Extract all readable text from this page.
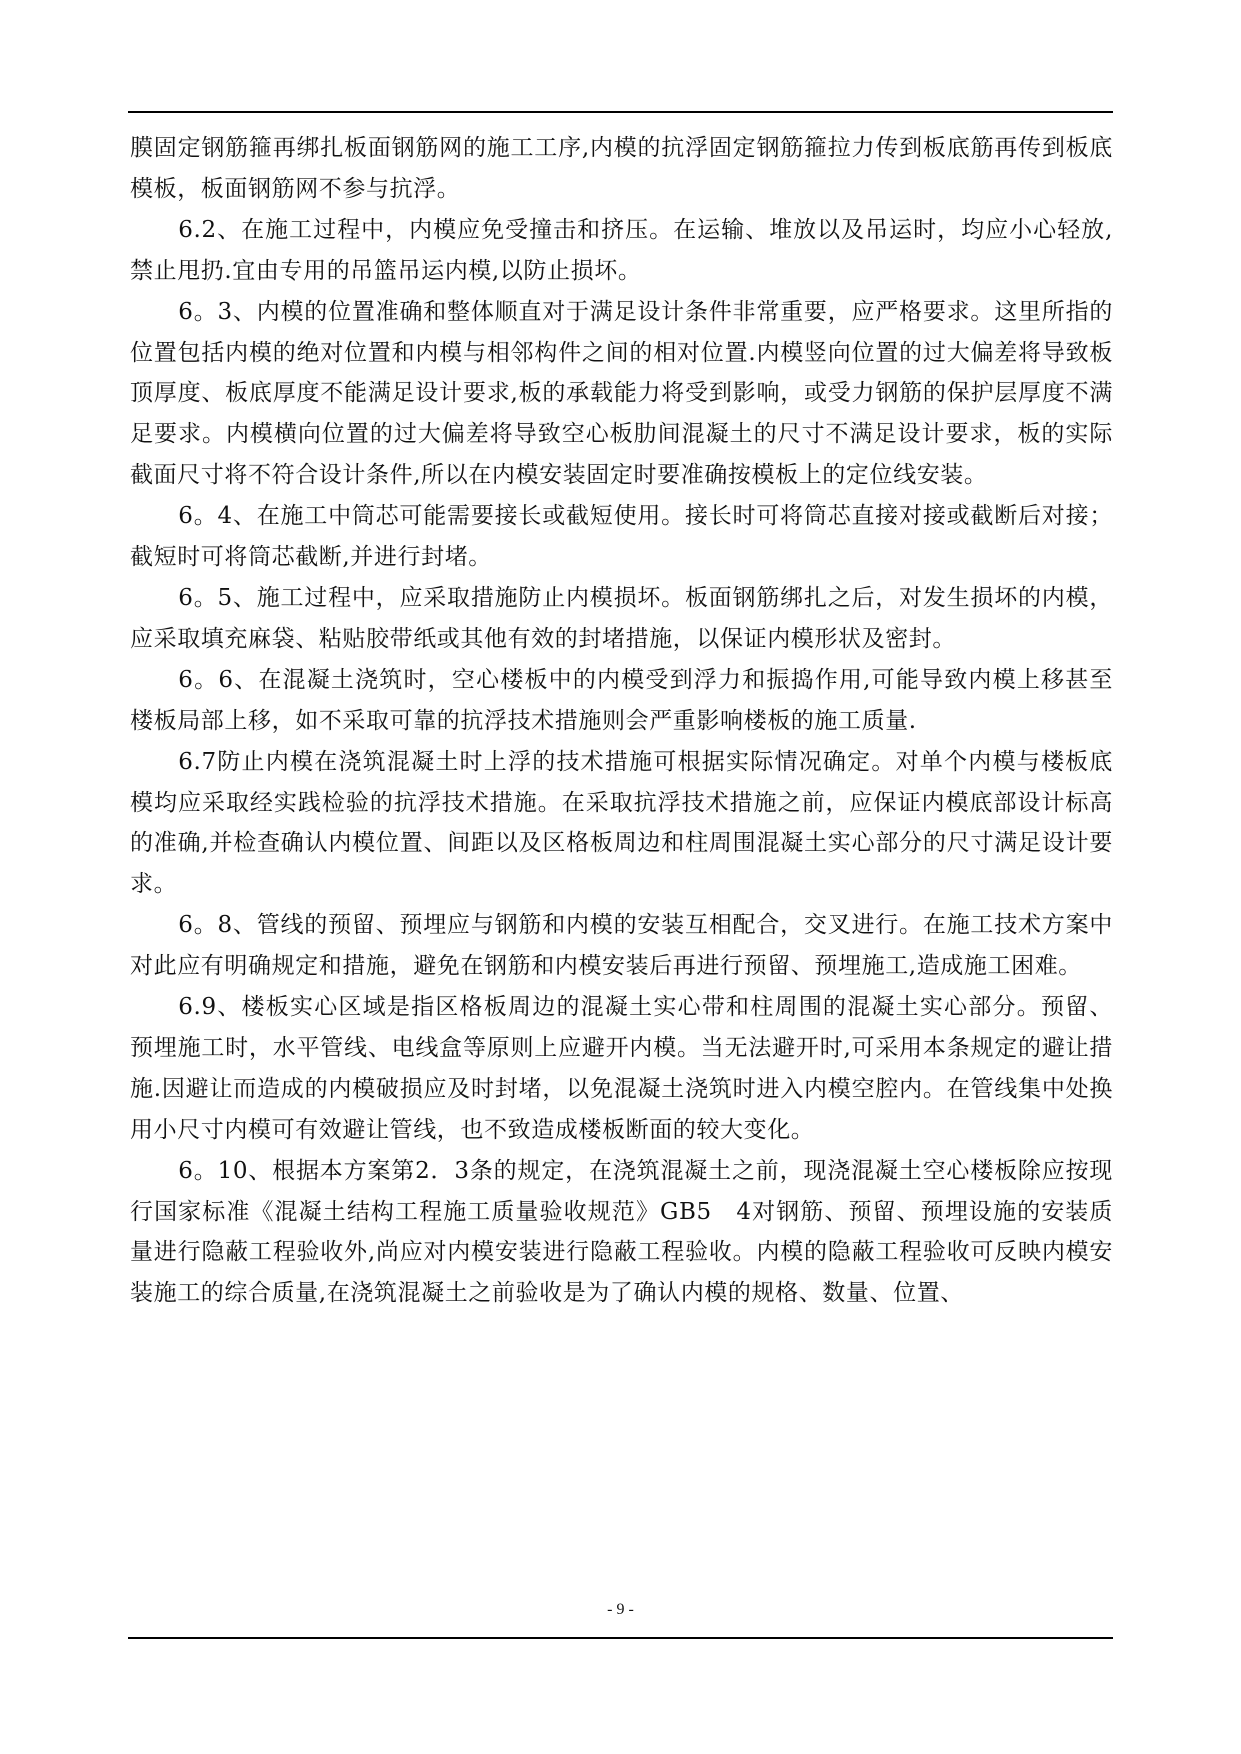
膜固定钢筋箍再绑扎板面钢筋网的施工工序,内模的抗浮固定钢筋箍拉力传到板底筋再传到板底模板，板面钢筋网不参与抗浮。

6.2、在施工过程中，内模应免受撞击和挤压。在运输、堆放以及吊运时，均应小心轻放,禁止甩扔.宜由专用的吊篮吊运内模,以防止损坏。

6。3、内模的位置准确和整体顺直对于满足设计条件非常重要，应严格要求。这里所指的位置包括内模的绝对位置和内模与相邻构件之间的相对位置.内模竖向位置的过大偏差将导致板顶厚度、板底厚度不能满足设计要求,板的承载能力将受到影响，或受力钢筋的保护层厚度不满足要求。内模横向位置的过大偏差将导致空心板肋间混凝土的尺寸不满足设计要求，板的实际截面尺寸将不符合设计条件,所以在内模安装固定时要准确按模板上的定位线安装。

6。4、在施工中筒芯可能需要接长或截短使用。接长时可将筒芯直接对接或截断后对接；截短时可将筒芯截断,并进行封堵。

6。5、施工过程中，应采取措施防止内模损坏。板面钢筋绑扎之后，对发生损坏的内模，应采取填充麻袋、粘贴胶带纸或其他有效的封堵措施，以保证内模形状及密封。

6。6、在混凝土浇筑时，空心楼板中的内模受到浮力和振捣作用,可能导致内模上移甚至楼板局部上移，如不采取可靠的抗浮技术措施则会严重影响楼板的施工质量.

6.7防止内模在浇筑混凝土时上浮的技术措施可根据实际情况确定。对单个内模与楼板底模均应采取经实践检验的抗浮技术措施。在采取抗浮技术措施之前，应保证内模底部设计标高的准确,并检查确认内模位置、间距以及区格板周边和柱周围混凝土实心部分的尺寸满足设计要求。

6。8、管线的预留、预埋应与钢筋和内模的安装互相配合，交叉进行。在施工技术方案中对此应有明确规定和措施，避免在钢筋和内模安装后再进行预留、预埋施工,造成施工困难。

6.9、楼板实心区域是指区格板周边的混凝土实心带和柱周围的混凝土实心部分。预留、预埋施工时，水平管线、电线盒等原则上应避开内模。当无法避开时,可采用本条规定的避让措施.因避让而造成的内模破损应及时封堵，以免混凝土浇筑时进入内模空腔内。在管线集中处换用小尺寸内模可有效避让管线，也不致造成楼板断面的较大变化。

6。10、根据本方案第2．3条的规定，在浇筑混凝土之前，现浇混凝土空心楼板除应按现行国家标准《混凝土结构工程施工质量验收规范》GB5　4对钢筋、预留、预埋设施的安装质量进行隐蔽工程验收外,尚应对内模安装进行隐蔽工程验收。内模的隐蔽工程验收可反映内模安装施工的综合质量,在浇筑混凝土之前验收是为了确认内模的规格、数量、位置、

- 9 -
